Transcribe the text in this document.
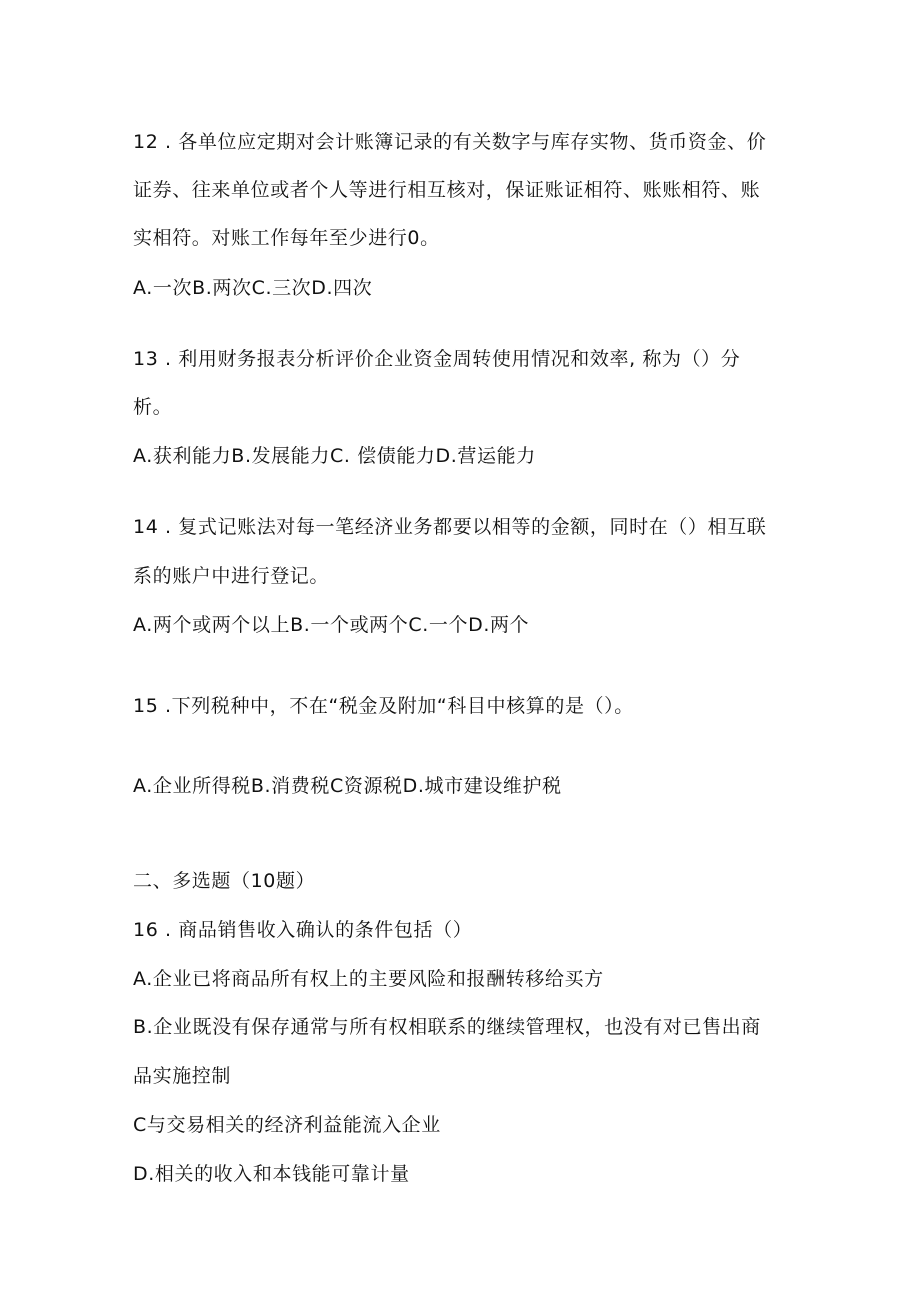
12 . 各单位应定期对会计账簿记录的有关数字与库存实物、货币资金、价

证券、往来单位或者个人等进行相互核对，保证账证相符、账账相符、账

实相符。对账工作每年至少进行0。

A.一次B.两次C.三次D.四次

13 . 利用财务报表分析评价企业资金周转使用情况和效率, 称为（）分

析。

A.获利能力B.发展能力C. 偿债能力D.营运能力

14 . 复式记账法对每一笔经济业务都要以相等的金额，同时在（）相互联

系的账户中进行登记。

A.两个或两个以上B.一个或两个C.一个D.两个

15 .下列税种中，不在“税金及附加“科目中核算的是（）。

A.企业所得税B.消费税C资源税D.城市建设维护税

二、多选题（10题）

16 . 商品销售收入确认的条件包括（）

A.企业已将商品所有权上的主要风险和报酬转移给买方

B.企业既没有保存通常与所有权相联系的继续管理权，也没有对已售出商

品实施控制

C与交易相关的经济利益能流入企业

D.相关的收入和本钱能可靠计量
